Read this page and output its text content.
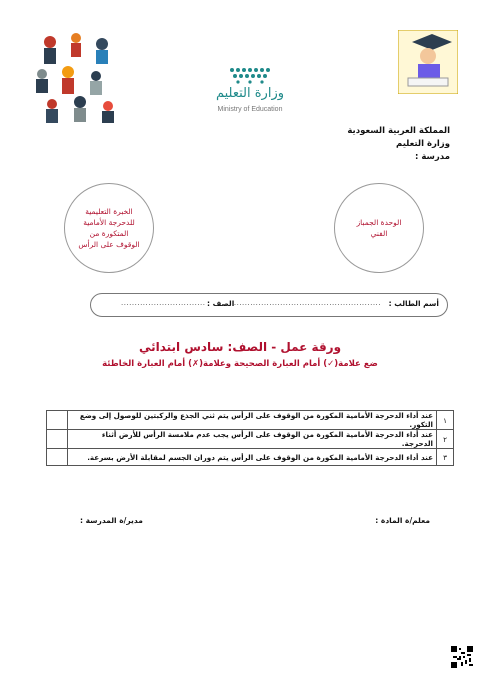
وزارة التعليم
Ministry of Education
المملكة العربية السعودية
وزارة التعليم
مدرسة :
الخبرة التعليمية للدحرجة الأمامية المتكورة من الوقوف على الرأس
الوحدة الجمباز الفني
أسم الطالب :
......................................................
الصف :
...............................
ورقة عمل - الصف: سادس ابتدائي
ضع علامة(✓) أمام العبارة الصحيحة وعلامة(✗) أمام العبارة الخاطئة
١	عند أداء الدحرجة الأمامية المكورة من الوقوف على الرأس يتم ثني الجذع والركبتين للوصول إلى وضع التكور.	
٢	عند أداء الدحرجة الأمامية المكورة من الوقوف على الرأس يجب عدم ملامسة الرأس للأرض أثناء الدحرجة.	
٣	عند أداء الدحرجة الأمامية المكورة من الوقوف على الرأس يتم دوران الجسم لمقابلة الأرض بسرعة.	
معلم/ة المادة :
مدير/ة المدرسة :
